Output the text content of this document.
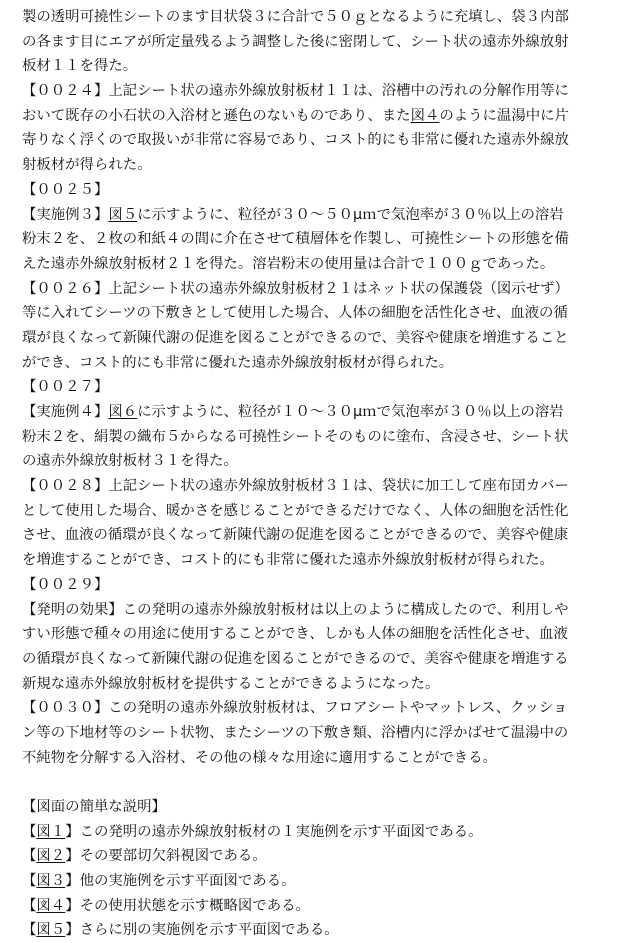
製の透明可撓性シートのます目状袋３に合計で５０ｇとなるように充填し、袋３内部
の各ます目にエアが所定量残るよう調整した後に密閉して、シート状の遠赤外線放射
板材１１を得た。
【００２４】上記シート状の遠赤外線放射板材１１は、浴槽中の汚れの分解作用等に
おいて既存の小石状の入浴材と遜色のないものであり、また図４のように温湯中に片
寄りなく浮くので取扱いが非常に容易であり、コスト的にも非常に優れた遠赤外線放
射板材が得られた。
【００２５】
【実施例３】図５に示すように、粒径が３０～５０μｍで気泡率が３０％以上の溶岩
粉末２を、２枚の和紙４の間に介在させて積層体を作製し、可撓性シートの形態を備
えた遠赤外線放射板材２１を得た。溶岩粉末の使用量は合計で１００ｇであった。
【００２６】上記シート状の遠赤外線放射板材２１はネット状の保護袋（図示せず）
等に入れてシーツの下敷きとして使用した場合、人体の細胞を活性化させ、血液の循
環が良くなって新陳代謝の促進を図ることができるので、美容や健康を増進すること
ができ、コスト的にも非常に優れた遠赤外線放射板材が得られた。
【００２７】
【実施例４】図６に示すように、粒径が１０～３０μｍで気泡率が３０％以上の溶岩
粉末２を、絹製の織布５からなる可撓性シートそのものに塗布、含浸させ、シート状
の遠赤外線放射板材３１を得た。
【００２８】上記シート状の遠赤外線放射板材３１は、袋状に加工して座布団カバー
として使用した場合、暖かさを感じることができるだけでなく、人体の細胞を活性化
させ、血液の循環が良くなって新陳代謝の促進を図ることができるので、美容や健康
を増進することができ、コスト的にも非常に優れた遠赤外線放射板材が得られた。
【００２９】
【発明の効果】この発明の遠赤外線放射板材は以上のように構成したので、利用しや
すい形態で種々の用途に使用することができ、しかも人体の細胞を活性化させ、血液
の循環が良くなって新陳代謝の促進を図ることができるので、美容や健康を増進する
新規な遠赤外線放射板材を提供することができるようになった。
【００３０】この発明の遠赤外線放射板材は、フロアシートやマットレス、クッショ
ン等の下地材等のシート状物、またシーツの下敷き類、浴槽内に浮かばせて温湯中の
不純物を分解する入浴材、その他の様々な用途に適用することができる。
【図面の簡単な説明】
【図１】この発明の遠赤外線放射板材の１実施例を示す平面図である。
【図２】その要部切欠斜視図である。
【図３】他の実施例を示す平面図である。
【図４】その使用状態を示す概略図である。
【図５】さらに別の実施例を示す平面図である。
